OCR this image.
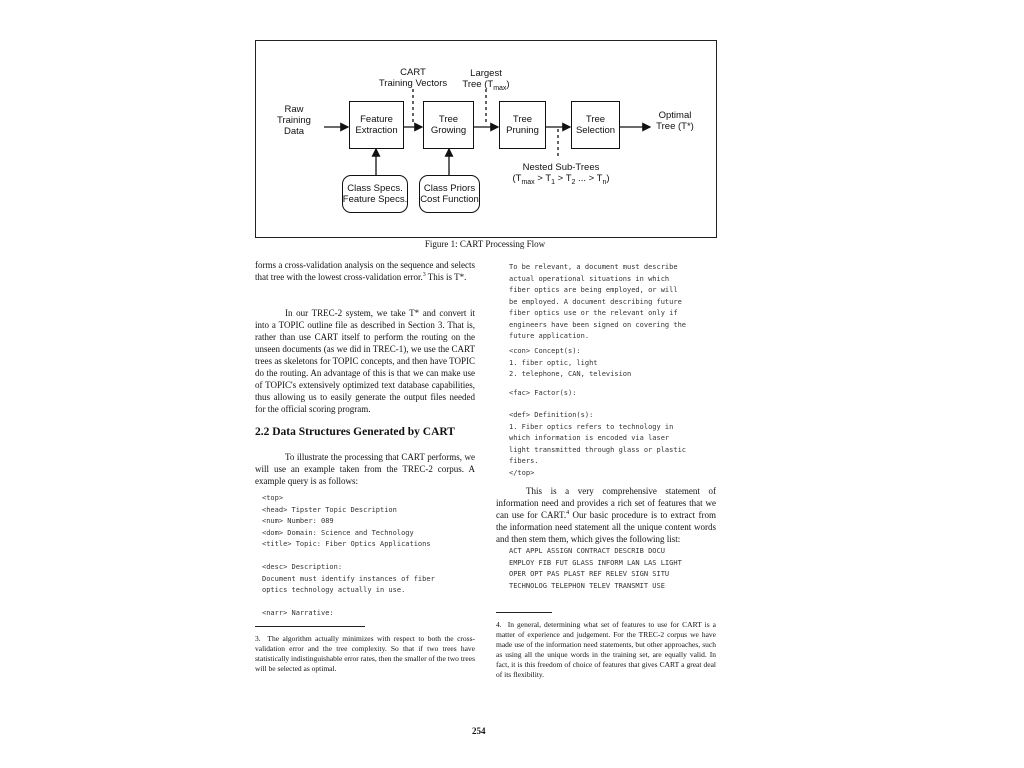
Raw
Training
Data
CART
Training Vectors
Largest
Tree $(T_{max})$
Feature
Extraction
Tree
Growing
Tree
Pruning
Tree
Selection
Optimal
Tree (T*)
Nested Sub-Trees
($T_{max} > T_1 > T_2$ ... > $T_n$)
Class Specs.
Feature Specs.
Class Priors
Cost Function
Figure 1: CART Processing Flow

forms a cross-validation analysis on the sequence and selects that tree with the lowest cross-validation error.$^3$ This is T*.

In our TREC-2 system, we take T* and convert it into a TOPIC outline file as described in Section 3. That is, rather than use CART itself to perform the routing on the unseen documents (as we did in TREC-1), we use the CART trees as skeletons for TOPIC concepts, and then have TOPIC do the routing. An advantage of this is that we can make use of TOPIC's extensively optimized text database capabilities, thus allowing us to easily generate the output files needed for the official scoring program.

2.2 Data Structures Generated by CART

To illustrate the processing that CART performs, we will use an example taken from the TREC-2 corpus. A example query is as follows:

<top>
<head> Tipster Topic Description
<num> Number: 089
<dom> Domain: Science and Technology
<title> Topic: Fiber Optics Applications

<desc> Description:
Document must identify instances of fiber
optics technology actually in use.

<narr> Narrative:
3. The algorithm actually minimizes with respect to both the cross-validation error and the tree complexity. So that if two trees have statistically indistinguishable error rates, then the smaller of the two trees will be selected as optimal.
To be relevant, a document must describe
actual operational situations in which
fiber optics are being employed, or will
be employed. A document describing future
fiber optics use or the relevant only if
engineers have been signed on covering the
future application.
<con> Concept(s):
1. fiber optic, light
2. telephone, CAN, television
<fac> Factor(s):
<def> Definition(s):
1. Fiber optics refers to technology in
which information is encoded via laser
light transmitted through glass or plastic
fibers.
</top>

This is a very comprehensive statement of information need and provides a rich set of features that we can use for CART.$^4$ Our basic procedure is to extract from the information need statement all the unique content words and then stem them, which gives the following list:

ACT APPL ASSIGN CONTRACT DESCRIB DOCU
EMPLOY FIB FUT GLASS INFORM LAN LAS LIGHT
OPER OPT PAS PLAST REF RELEV SIGN SITU
TECHNOLOG TELEPHON TELEV TRANSMIT USE
4. In general, determining what set of features to use for CART is a matter of experience and judgement. For the TREC-2 corpus we have made use of the information need statements, but other approaches, such as using all the unique words in the training set, are equally valid. In fact, it is this freedom of choice of features that gives CART a great deal of its flexibility.
254
